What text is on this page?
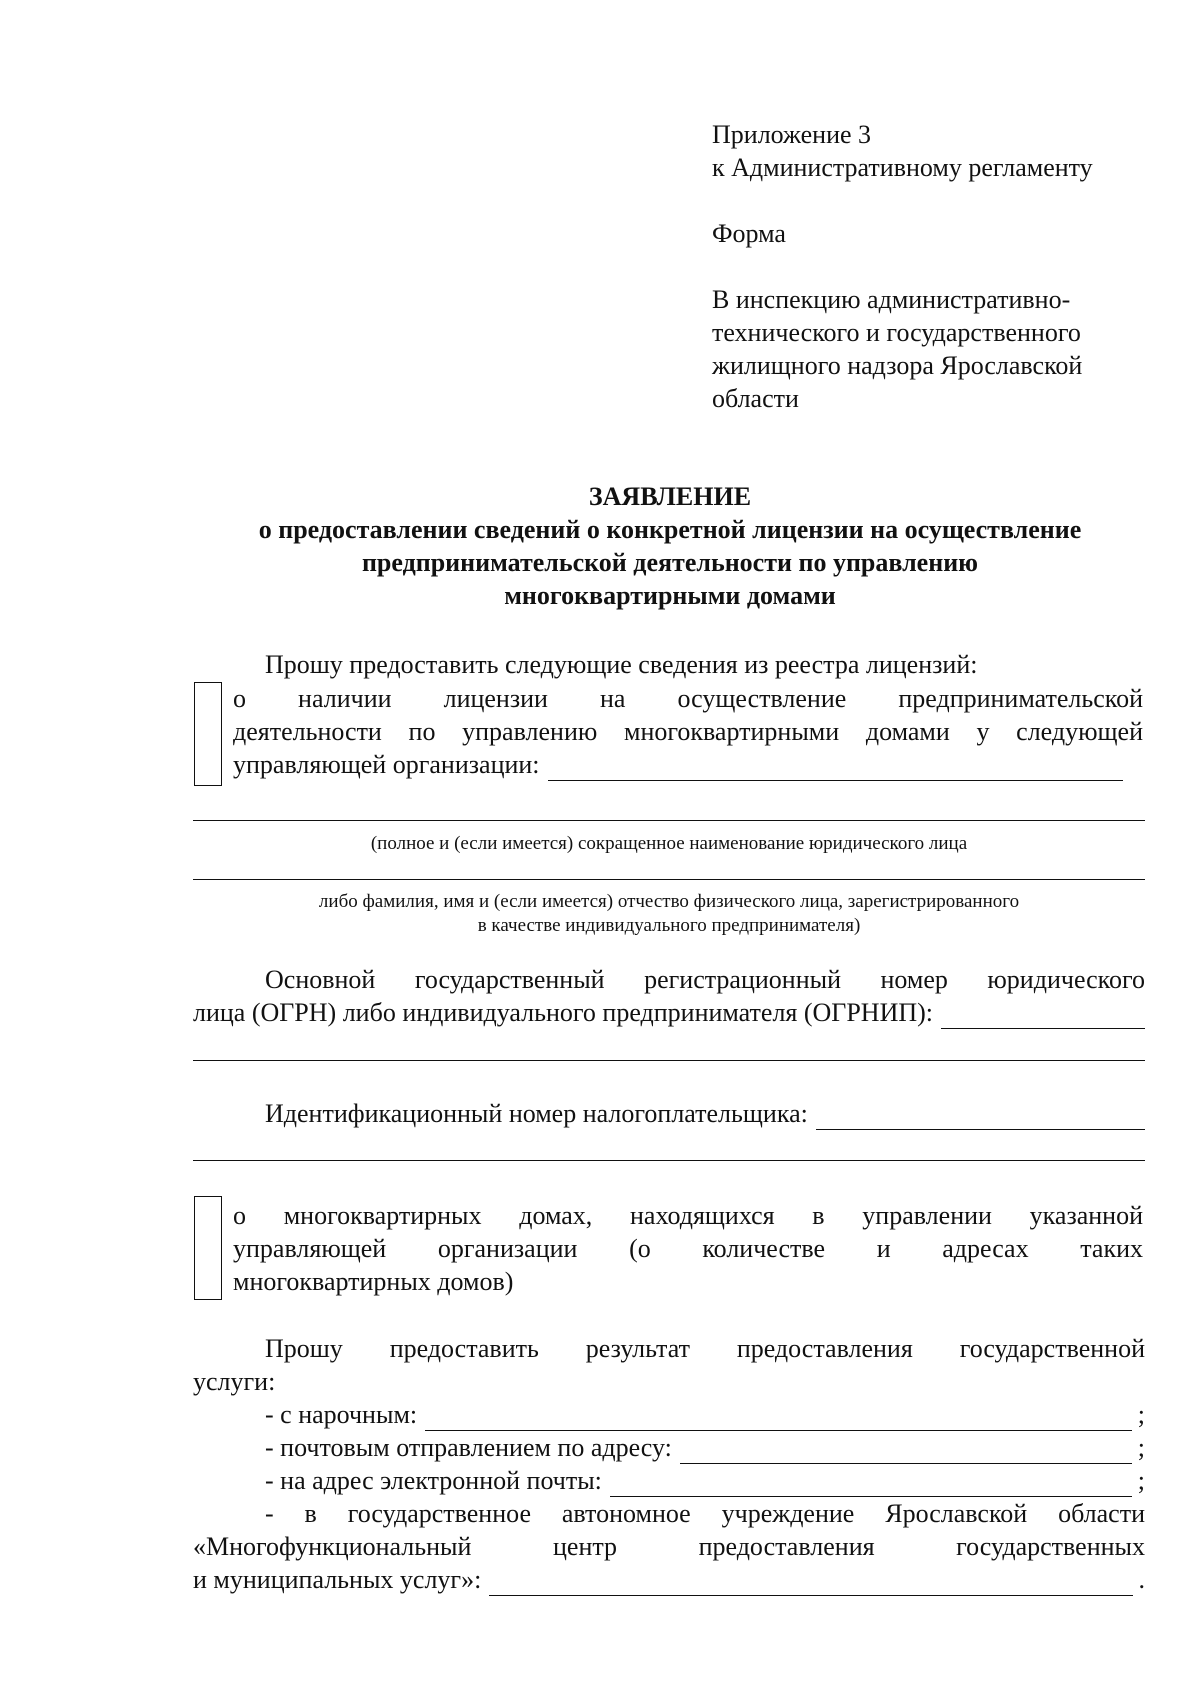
Приложение 3
к Административному регламенту
Форма
В инспекцию административно-
технического и государственного
жилищного надзора Ярославской
области
ЗАЯВЛЕНИЕ
о предоставлении сведений о конкретной лицензии на осуществление
предпринимательской деятельности по управлению
многоквартирными домами
Прошу предоставить следующие сведения из реестра лицензий:
о наличии лицензии на осуществление предпринимательской
деятельности по управлению многоквартирными домами у следующей
управляющей организации:
(полное и (если имеется) сокращенное наименование юридического лица
либо фамилия, имя и (если имеется) отчество физического лица, зарегистрированного
в качестве индивидуального предпринимателя)
Основной государственный регистрационный номер юридического
лица (ОГРН) либо индивидуального предпринимателя (ОГРНИП):
Идентификационный номер налогоплательщика:
о многоквартирных домах, находящихся в управлении указанной
управляющей организации (о количестве и адресах таких
многоквартирных домов)
Прошу предоставить результат предоставления государственной
услуги:
- с нарочным:	;
- почтовым отправлением по адресу:	;
- на адрес электронной почты:	;
- в государственное автономное учреждение Ярославской области
«Многофункциональный центр предоставления государственных
и муниципальных услуг»:	.
